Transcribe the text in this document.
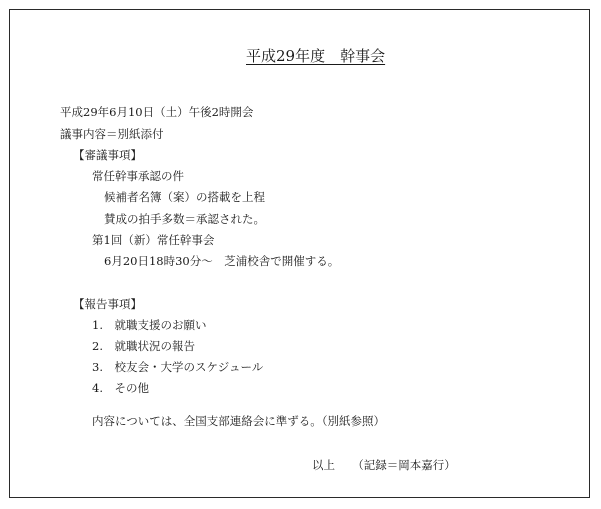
平成29年度　幹事会
平成29年6月10日（土）午後2時開会
議事内容＝別紙添付
【審議事項】
常任幹事承認の件
候補者名簿（案）の搭載を上程
賛成の拍手多数＝承認された。
第1回（新）常任幹事会
6月20日18時30分～　芝浦校舎で開催する。
【報告事項】
1.　就職支援のお願い
2.　就職状況の報告
3.　校友会・大学のスケジュール
4.　その他
内容については、全国支部連絡会に準ずる。（別紙参照）
以上　　（記録＝岡本嘉行）
